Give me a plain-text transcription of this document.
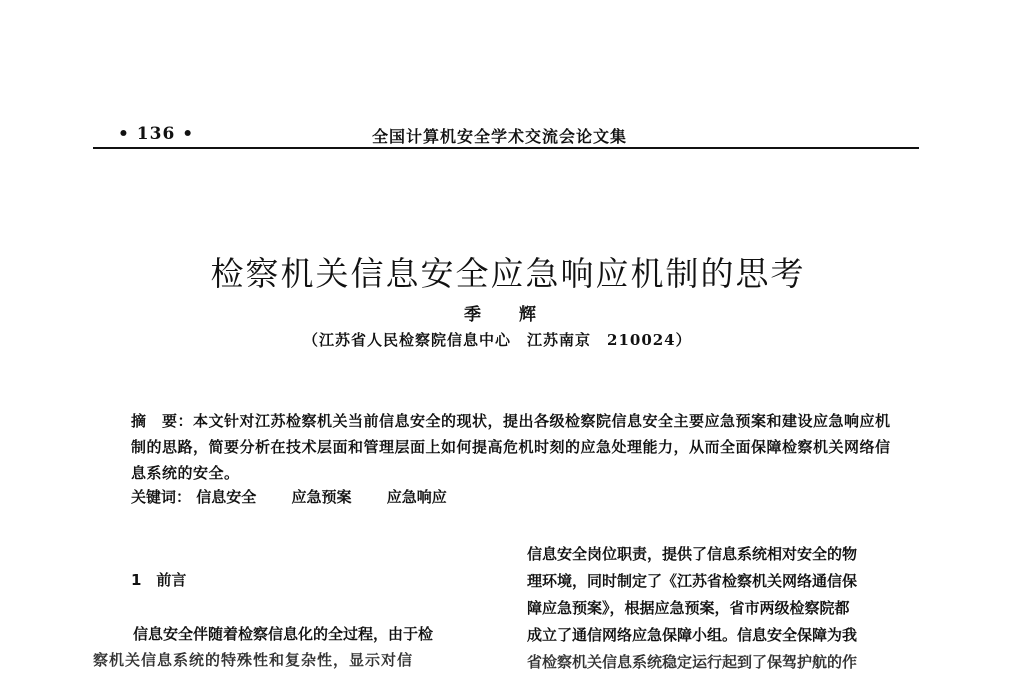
• 136 •	全国计算机安全学术交流会论文集
检察机关信息安全应急响应机制的思考
季 辉
（江苏省人民检察院信息中心　江苏南京　210024）
摘　要：本文针对江苏检察机关当前信息安全的现状，提出各级检察院信息安全主要应急预案和建设应急响应机制的思路，简要分析在技术层面和管理层面上如何提高危机时刻的应急处理能力，从而全面保障检察机关网络信息系统的安全。
关键词： 信息安全 应急预案 应急响应
1　前言
信息安全伴随着检察信息化的全过程，由于检
察机关信息系统的特殊性和复杂性，显示对信
信息安全岗位职责，提供了信息系统相对安全的物
理环境，同时制定了《江苏省检察机关网络通信保
障应急预案》，根据应急预案，省市两级检察院都
成立了通信网络应急保障小组。信息安全保障为我
省检察机关信息系统稳定运行起到了保驾护航的作
